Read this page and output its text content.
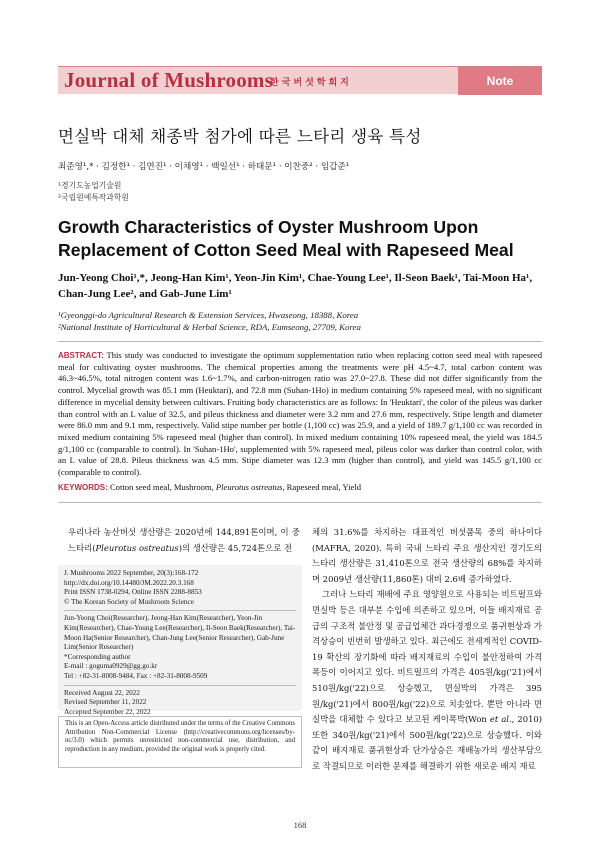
Journal of Mushrooms
한국버섯학회지	Note
면실박 대체 채종박 첨가에 따른 느타리 생육 특성
최준영¹,* · 김정한¹ · 김연진¹ · 이채영¹ · 백일선¹ · 하태문¹ · 이찬중² · 임갑준¹
¹경기도농업기술원
²국립원예특작과학원
Growth Characteristics of Oyster Mushroom Upon Replacement of Cotton Seed Meal with Rapeseed Meal
Jun-Yeong Choi¹,*, Jeong-Han Kim¹, Yeon-Jin Kim¹, Chae-Young Lee¹, Il-Seon Baek¹, Tai-Moon Ha¹, Chan-Jung Lee², and Gab-June Lim¹
¹Gyeonggi-do Agricultural Research & Extension Services, Hwaseong, 18388, Korea
²National Institute of Horticultural & Herbal Science, RDA, Eumseong, 27709, Korea
ABSTRACT: This study was conducted to investigate the optimum supplementation ratio when replacing cotton seed meal with rapeseed meal for cultivating oyster mushrooms. The chemical properties among the treatments were pH 4.5~4.7, total carbon content was 46.3~46.5%, total nitrogen content was 1.6~1.7%, and carbon-nitrogen ratio was 27.0~27.8. These did not differ significantly from the control. Mycelial growth was 85.1 mm (Heuktari), and 72.8 mm (Suhan-1Ho) in medium containing 5% rapeseed meal, with no significant difference in mycelial density between cultivars. Fruiting body characteristics are as follows: In 'Heuktari', the color of the pileus was darker than control with an L value of 32.5, and pileus thickness and diameter were 3.2 mm and 27.6 mm, respectively. Stipe length and diameter were 86.0 mm and 9.1 mm, respectively. Valid stipe number per bottle (1,100 cc) was 25.9, and a yield of 189.7 g/1,100 cc was recorded in mixed medium containing 5% rapeseed meal (higher than control). In mixed medium containing 10% rapeseed meal, the yield was 184.5 g/1,100 cc (comparable to control). In 'Suhan-1Ho', supplemented with 5% rapeseed meal, pileus color was darker than control color, with an L value of 28.8. Pileus thickness was 4.5 mm. Stipe diameter was 12.3 mm (higher than control), and yield was 145.5 g/1,100 cc (comparable to control).
KEYWORDS: Cotton seed meal, Mushroom, Pleurotus ostreatus, Rapeseed meal, Yield
우리나라 농산버섯 생산량은 2020년에 144,891톤이며, 이 중 느타리(Pleurotus ostreatus)의 생산량은 45,724톤으로 전
J. Mushrooms 2022 September, 20(3):168-172
http://dx.doi.org/10.14480/JM.2022.20.3.168
Print ISSN 1738-0294, Online ISSN 2288-8853
© The Korean Society of Mushroom Science
Jun-Yeong Choi(Researcher), Jeong-Han Kim(Researcher), Yeon-Jin Kim(Researcher), Chae-Young Lee(Researcher), Il-Seon Baek(Researcher), Tai-Moon Ha(Senior Researcher), Chan-Jung Lee(Senior Researcher), Gab-June Lim(Senior Researcher)
*Corresponding author
E-mail : goguma0929@gg.go.kr
Tel : +82-31-8008-9484, Fax : +82-31-8008-9509
Received August 22, 2022
Revised September 11, 2022
Accepted September 22, 2022
This is an Open-Access article distributed under the terms of the Creative Commons Attribution Non-Commercial License (http://creativecommons.org/licenses/by-nc/3.0) which permits unrestricted non-commercial use, distribution, and reproduction in any medium, provided the original work is properly cited.

체의 31.6%를 차지하는 대표적인 버섯품목 중의 하나이다(MAFRA, 2020). 특히 국내 느타리 주요 생산지인 경기도의 느타리 생산량은 31,410톤으로 전국 생산량의 68%를 차지하며 2009년 생산량(11,860톤) 대비 2.6배 증가하였다.

그러나 느타리 재배에 주요 영양원으로 사용되는 비트펄프와 면실박 등은 대부분 수입에 의존하고 있으며, 이들 배지재료 공급의 구조적 불안정 및 공급업체간 과다경쟁으로 품귀현상과 가격상승이 빈번히 발생하고 있다. 최근에도 전세계적인 COVID-19 확산의 장기화에 따라 배지재료의 수입이 불안정하여 가격폭등이 이어지고 있다. 비트펄프의 가격은 405원/kg('21)에서 510원/kg('22)으로 상승했고, 면실박의 가격은 395원/kg('21)에서 800원/kg('22)으로 치솟았다. 뿐만 아니라 면실박을 대체할 수 있다고 보고된 케이폭박(Won et al., 2010) 또한 340원/kg('21)에서 500원/kg('22)으로 상승했다. 이와 같이 배지재료 품귀현상과 단가상승은 재배농가의 생산부담으로 작결되므로 이러한 문제를 해결하기 위한 새로운 배지 재료

168
